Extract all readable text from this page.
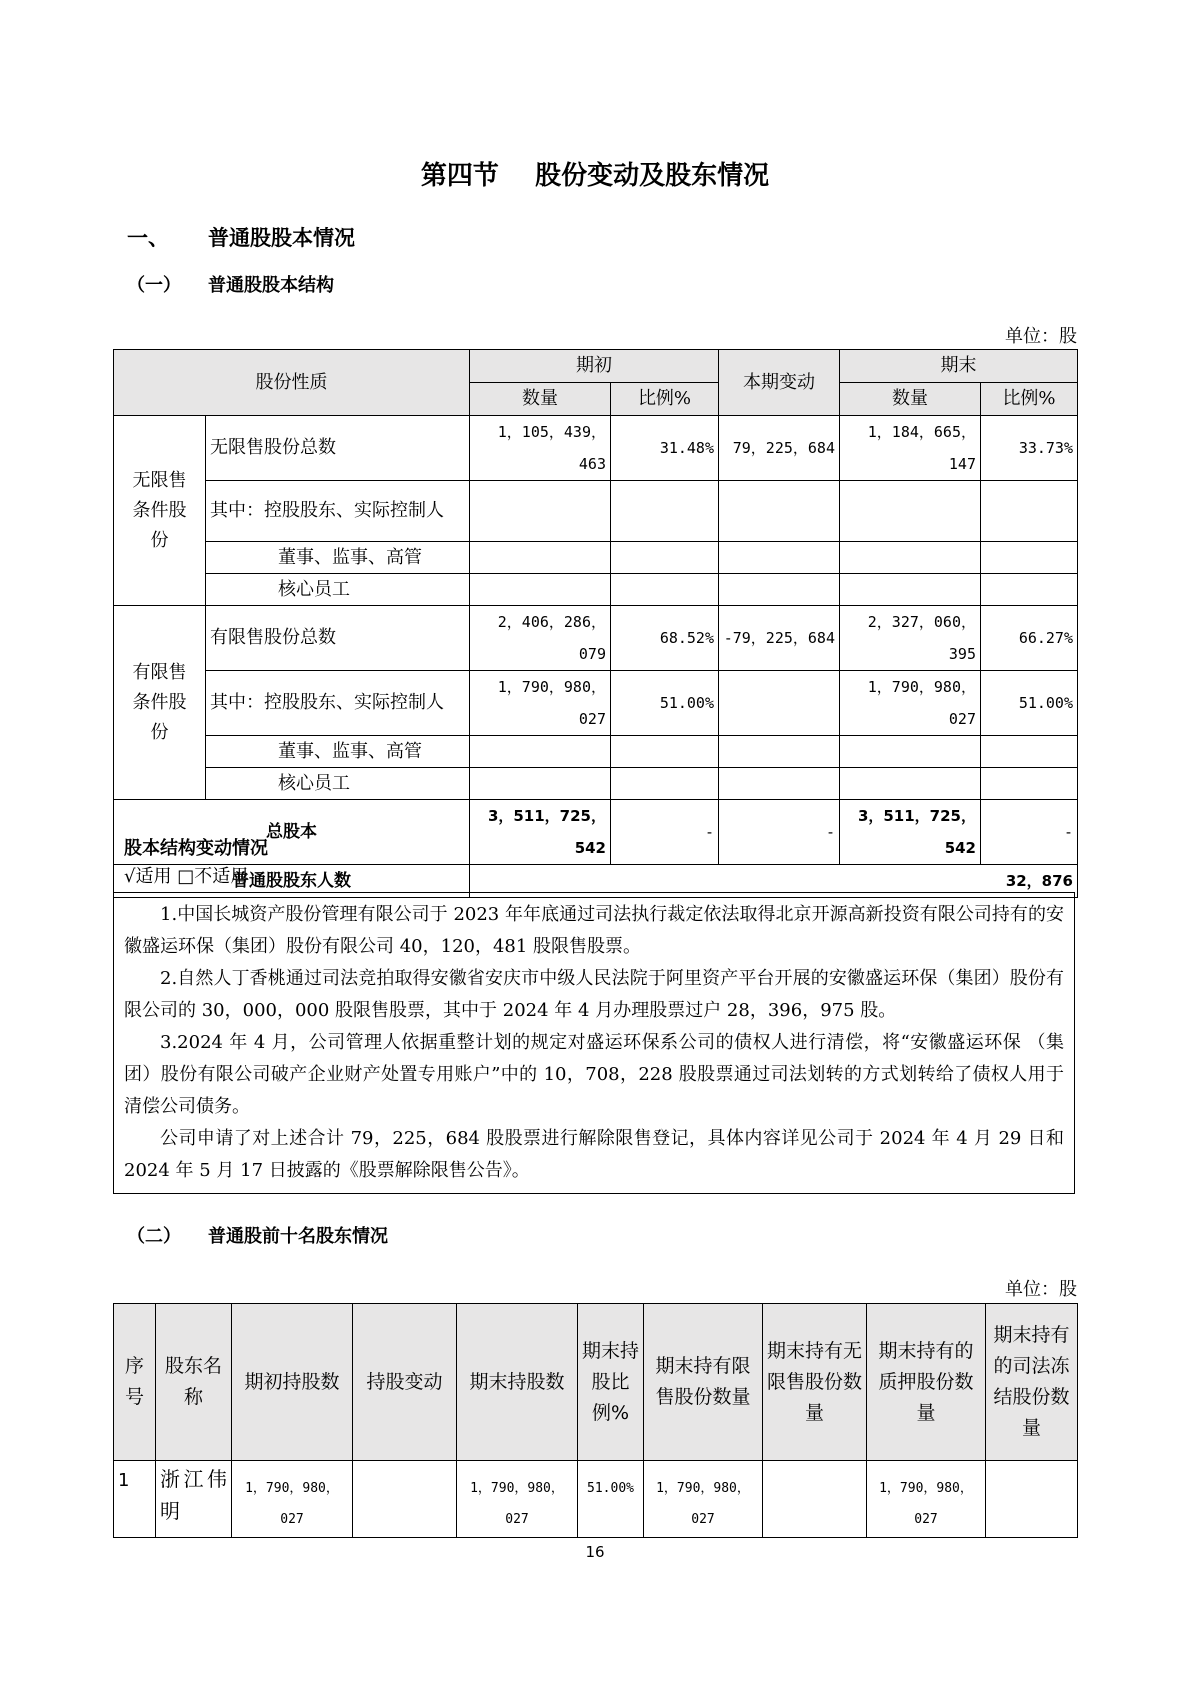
第四节    股份变动及股东情况
一、 普通股股本情况
（一） 普通股股本结构
单位：股
股份性质		期初		本期变动	期末	
		数量	比例%		数量	比例%
无限售条件股份	无限售股份总数	1，105，439，463	31.48%	79，225，684	1，184，665，147	33.73%
	其中：控股股东、实际控制人					
	董事、监事、高管					
	核心员工					
有限售条件股份	有限售股份总数	2，406，286，079	68.52%	-79，225，684	2，327，060，395	66.27%
	其中：控股股东、实际控制人	1，790，980，027	51.00%		1，790，980，027	51.00%
	董事、监事、高管					
	核心员工					
总股本		3，511，725，542	-	-	3，511，725，542	-
普通股股东人数		32，876				
股本结构变动情况
√适用 □不适用

1.中国长城资产股份管理有限公司于 2023 年年底通过司法执行裁定依法取得北京开源高新投资有限公司持有的安徽盛运环保（集团）股份有限公司 40，120，481 股限售股票。

2.自然人丁香桃通过司法竞拍取得安徽省安庆市中级人民法院于阿里资产平台开展的安徽盛运环保（集团）股份有限公司的 30，000，000 股限售股票，其中于 2024 年 4 月办理股票过户 28，396，975 股。

3.2024 年 4 月，公司管理人依据重整计划的规定对盛运环保系公司的债权人进行清偿，将“安徽盛运环保 （集团）股份有限公司破产企业财产处置专用账户”中的 10，708，228 股股票通过司法划转的方式划转给了债权人用于清偿公司债务。

公司申请了对上述合计 79，225，684 股股票进行解除限售登记，具体内容详见公司于 2024 年 4 月 29 日和 2024 年 5 月 17 日披露的《股票解除限售公告》。

（二） 普通股前十名股东情况
单位：股
序号	股东名称	期初持股数	持股变动	期末持股数	期末持股比例%	期末持有限售股份数量	期末持有无限售股份数量	期末持有的质押股份数量	期末持有的司法冻结股份数量
1	浙江伟明	1，790，980，027		1，790，980，027	51.00%	1，790，980，027		1，790，980，027	
16
